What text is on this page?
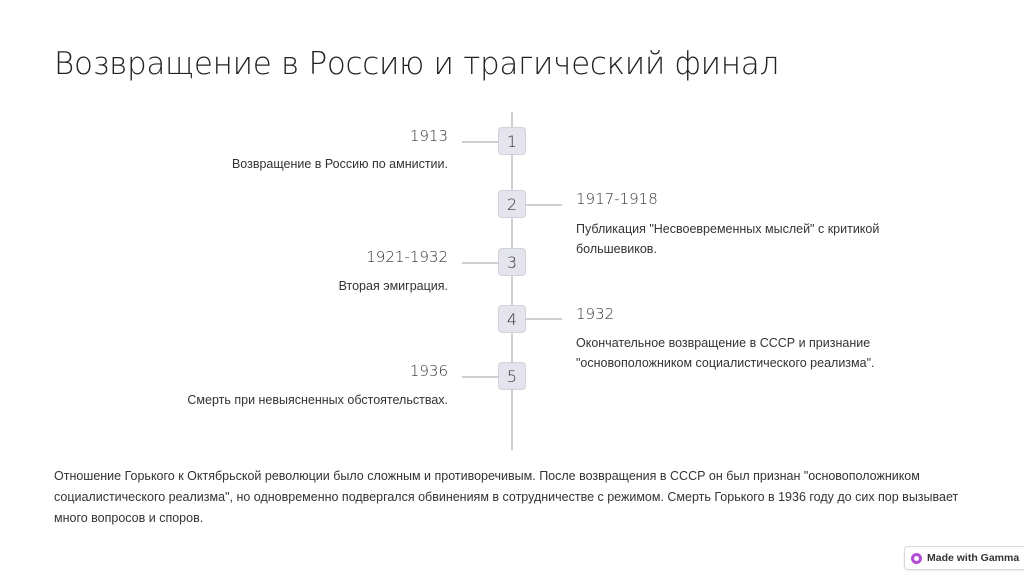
Возвращение в Россию и трагический финал
1
1913
Возвращение в Россию по амнистии.
2	1917-1918
Публикация "Несвоевременных мыслей" с критикой большевиков.
3
1921-1932
Вторая эмиграция.
4	1932
Окончательное возвращение в СССР и признание "основоположником социалистического реализма".
5
1936
Смерть при невыясненных обстоятельствах.
Отношение Горького к Октябрьской революции было сложным и противоречивым. После возвращения в СССР он был признан "основоположником социалистического реализма", но одновременно подвергался обвинениям в сотрудничестве с режимом. Смерть Горького в 1936 году до сих пор вызывает много вопросов и споров.
Made with Gamma
